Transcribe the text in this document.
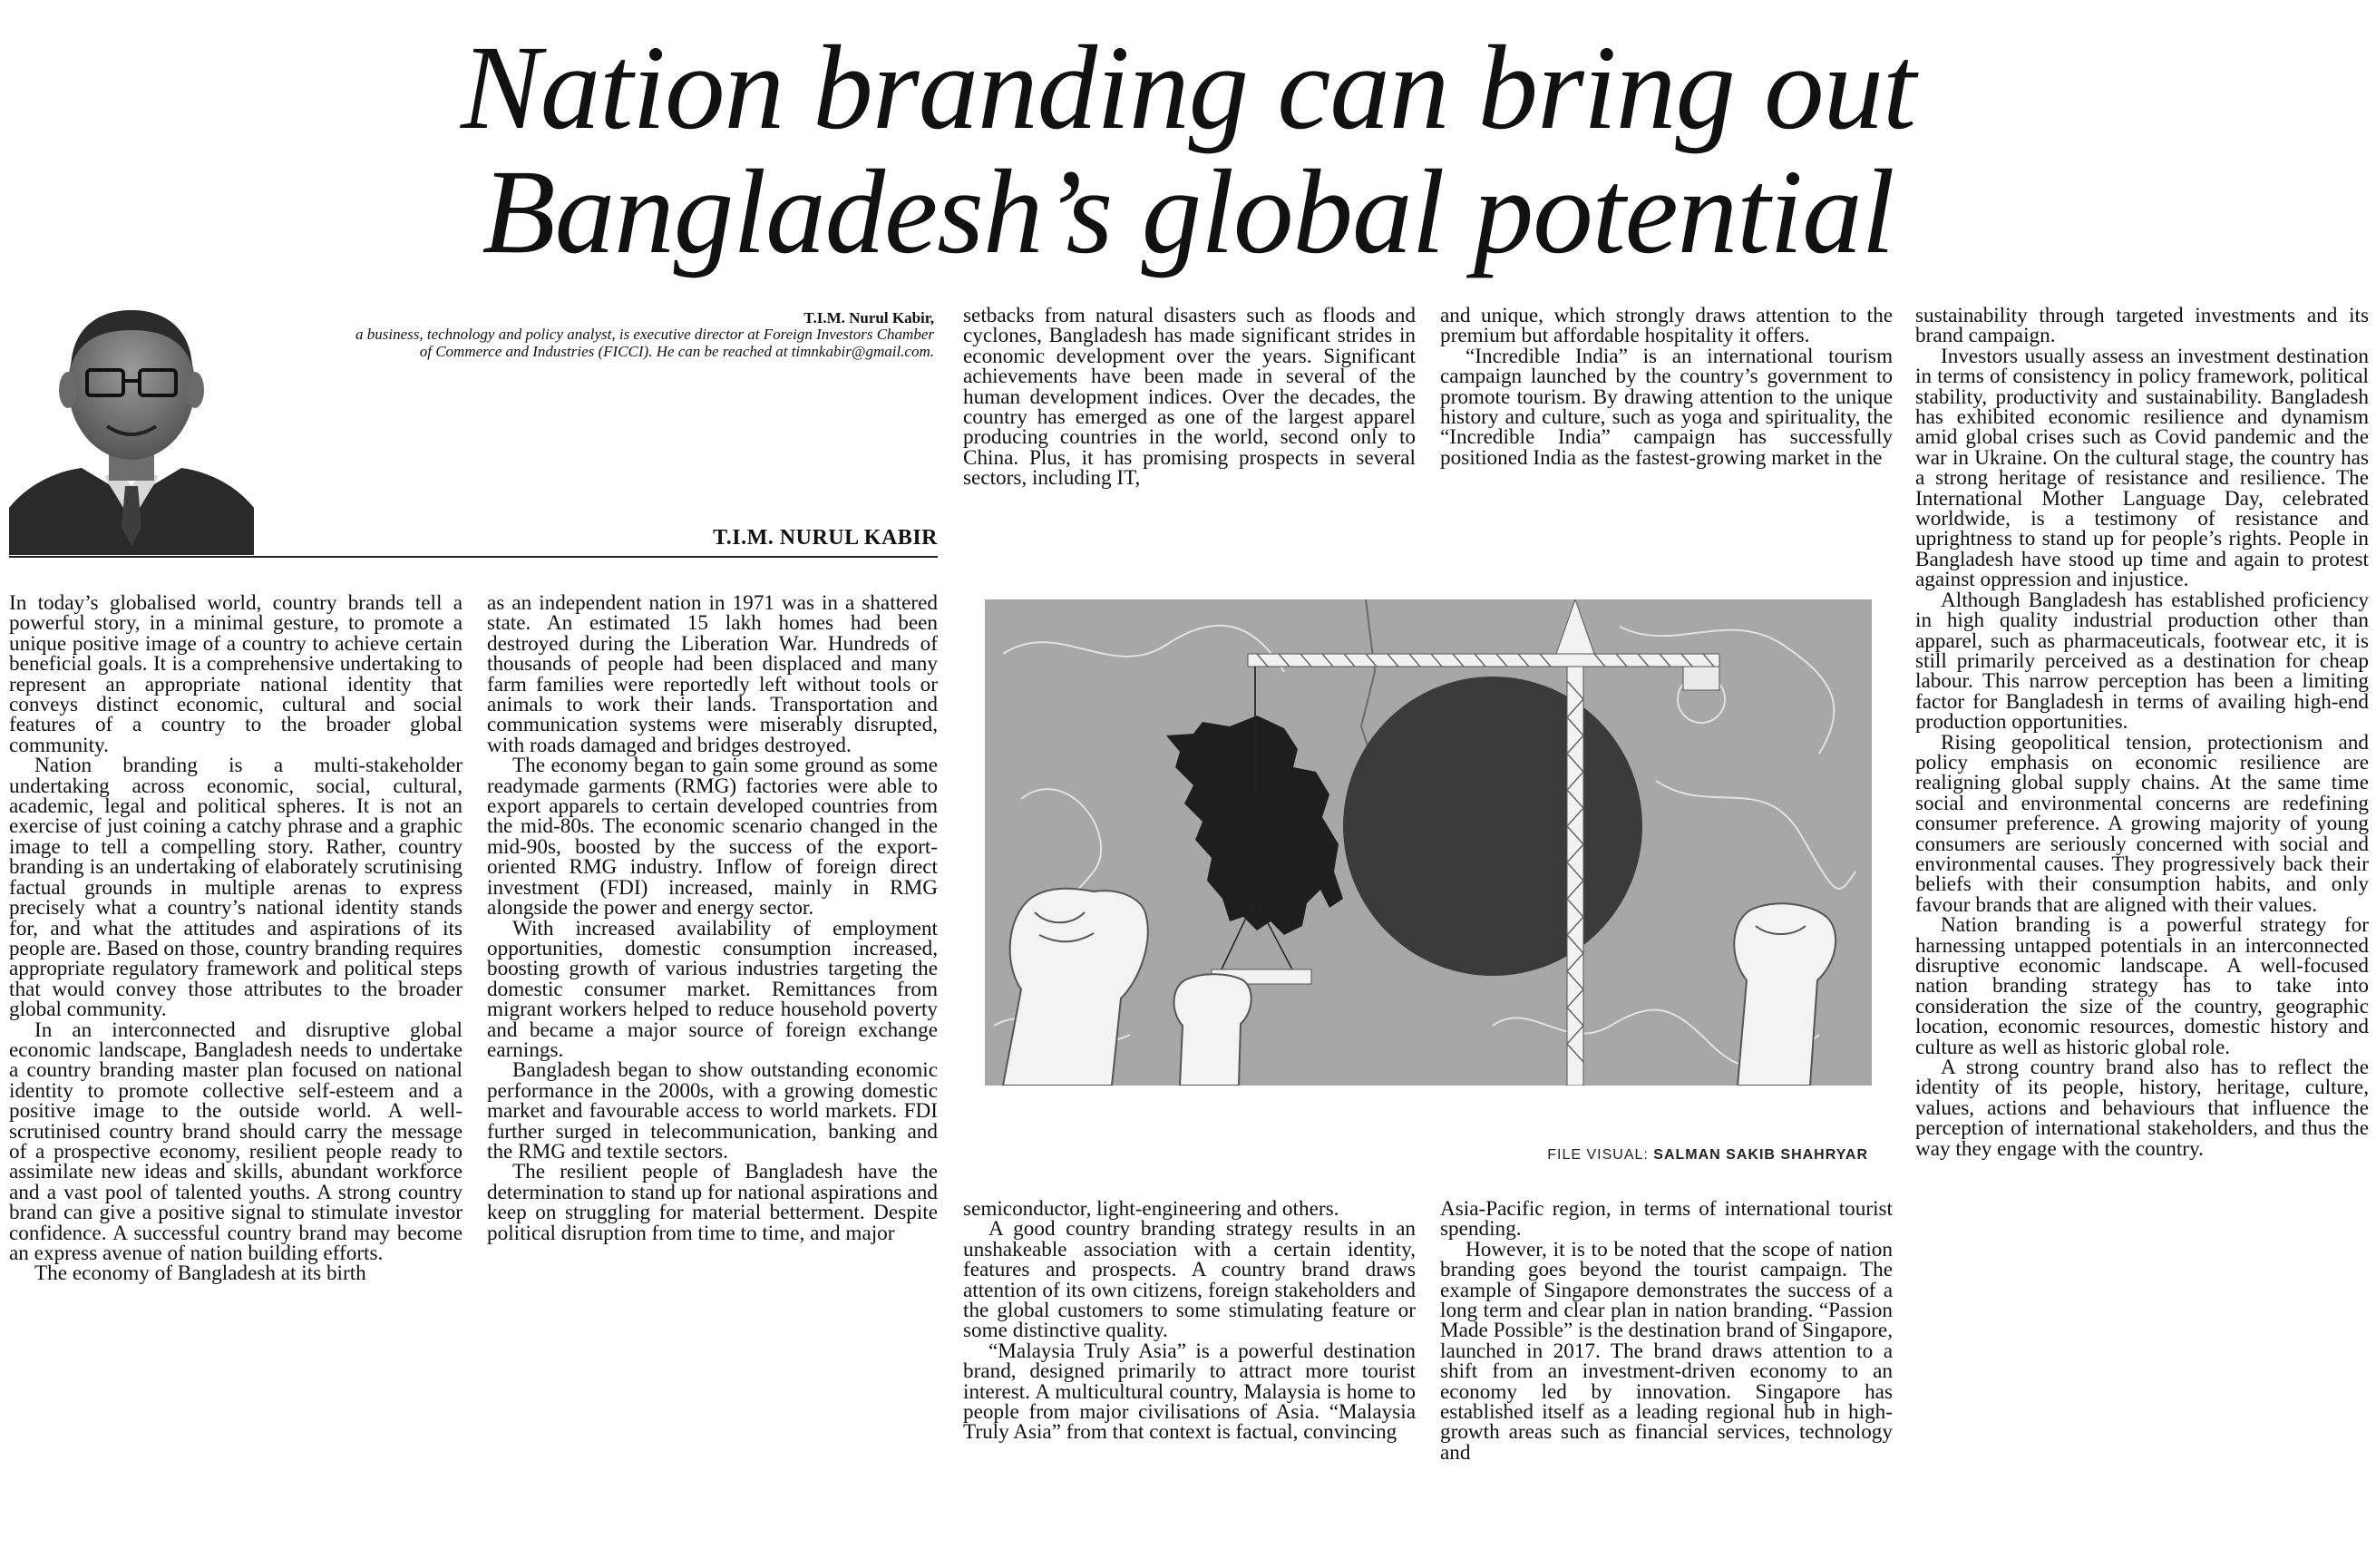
Nation branding can bring out
Bangladesh’s global potential
T.I.M. Nurul Kabir,
a business, technology and policy analyst, is executive director at Foreign Investors Chamber of Commerce and Industries (FICCI). He can be reached at timnkabir@gmail.com.
T.I.M. NURUL KABIR

In today’s globalised world, country brands tell a powerful story, in a minimal gesture, to promote a unique positive image of a country to achieve certain beneficial goals. It is a comprehensive undertaking to represent an appropriate national identity that conveys distinct economic, cultural and social features of a country to the broader global community.

Nation branding is a multi-stakeholder undertaking across economic, social, cultural, academic, legal and political spheres. It is not an exercise of just coining a catchy phrase and a graphic image to tell a compelling story. Rather, country branding is an undertaking of elaborately scrutinising factual grounds in multiple arenas to express precisely what a country’s national identity stands for, and what the attitudes and aspirations of its people are. Based on those, country branding requires appropriate regulatory framework and political steps that would convey those attributes to the broader global community.

In an interconnected and disruptive global economic landscape, Bangladesh needs to undertake a country branding master plan focused on national identity to promote collective self-esteem and a positive image to the outside world. A well-scrutinised country brand should carry the message of a prospective economy, resilient people ready to assimilate new ideas and skills, abundant workforce and a vast pool of talented youths. A strong country brand can give a positive signal to stimulate investor confidence. A successful country brand may become an express avenue of nation building efforts.

The economy of Bangladesh at its birth

as an independent nation in 1971 was in a shattered state. An estimated 15 lakh homes had been destroyed during the Liberation War. Hundreds of thousands of people had been displaced and many farm families were reportedly left without tools or animals to work their lands. Transportation and communication systems were miserably disrupted, with roads damaged and bridges destroyed.

The economy began to gain some ground as some readymade garments (RMG) factories were able to export apparels to certain developed countries from the mid-80s. The economic scenario changed in the mid-90s, boosted by the success of the export-oriented RMG industry. Inflow of foreign direct investment (FDI) increased, mainly in RMG alongside the power and energy sector.

With increased availability of employment opportunities, domestic consumption increased, boosting growth of various industries targeting the domestic consumer market. Remittances from migrant workers helped to reduce household poverty and became a major source of foreign exchange earnings.

Bangladesh began to show outstanding economic performance in the 2000s, with a growing domestic market and favourable access to world markets. FDI further surged in telecommunication, banking and the RMG and textile sectors.

The resilient people of Bangladesh have the determination to stand up for national aspirations and keep on struggling for material betterment. Despite political disruption from time to time, and major

setbacks from natural disasters such as floods and cyclones, Bangladesh has made significant strides in economic development over the years. Significant achievements have been made in several of the human development indices. Over the decades, the country has emerged as one of the largest apparel producing countries in the world, second only to China. Plus, it has promising prospects in several sectors, including IT,

semiconductor, light-engineering and others.

A good country branding strategy results in an unshakeable association with a certain identity, features and prospects. A country brand draws attention of its own citizens, foreign stakeholders and the global customers to some stimulating feature or some distinctive quality.

“Malaysia Truly Asia” is a powerful destination brand, designed primarily to attract more tourist interest. A multicultural country, Malaysia is home to people from major civilisations of Asia. “Malaysia Truly Asia” from that context is factual, convincing

and unique, which strongly draws attention to the premium but affordable hospitality it offers.

“Incredible India” is an international tourism campaign launched by the country’s government to promote tourism. By drawing attention to the unique history and culture, such as yoga and spirituality, the “Incredible India” campaign has successfully positioned India as the fastest-growing market in the

Asia-Pacific region, in terms of international tourist spending.

However, it is to be noted that the scope of nation branding goes beyond the tourist campaign. The example of Singapore demonstrates the success of a long term and clear plan in nation branding. “Passion Made Possible” is the destination brand of Singapore, launched in 2017. The brand draws attention to a shift from an investment-driven economy to an economy led by innovation. Singapore has established itself as a leading regional hub in high-growth areas such as financial services, technology and

sustainability through targeted investments and its brand campaign.

Investors usually assess an investment destination in terms of consistency in policy framework, political stability, productivity and sustainability. Bangladesh has exhibited economic resilience and dynamism amid global crises such as Covid pandemic and the war in Ukraine. On the cultural stage, the country has a strong heritage of resistance and resilience. The International Mother Language Day, celebrated worldwide, is a testimony of resistance and uprightness to stand up for people’s rights. People in Bangladesh have stood up time and again to protest against oppression and injustice.

Although Bangladesh has established proficiency in high quality industrial production other than apparel, such as pharmaceuticals, footwear etc, it is still primarily perceived as a destination for cheap labour. This narrow perception has been a limiting factor for Bangladesh in terms of availing high-end production opportunities.

Rising geopolitical tension, protectionism and policy emphasis on economic resilience are realigning global supply chains. At the same time social and environmental concerns are redefining consumer preference. A growing majority of young consumers are seriously concerned with social and environmental causes. They progressively back their beliefs with their consumption habits, and only favour brands that are aligned with their values.

Nation branding is a powerful strategy for harnessing untapped potentials in an interconnected disruptive economic landscape. A well-focused nation branding strategy has to take into consideration the size of the country, geographic location, economic resources, domestic history and culture as well as historic global role.

A strong country brand also has to reflect the identity of its people, history, heritage, culture, values, actions and behaviours that influence the perception of international stakeholders, and thus the way they engage with the country.

FILE VISUAL: SALMAN SAKIB SHAHRYAR
